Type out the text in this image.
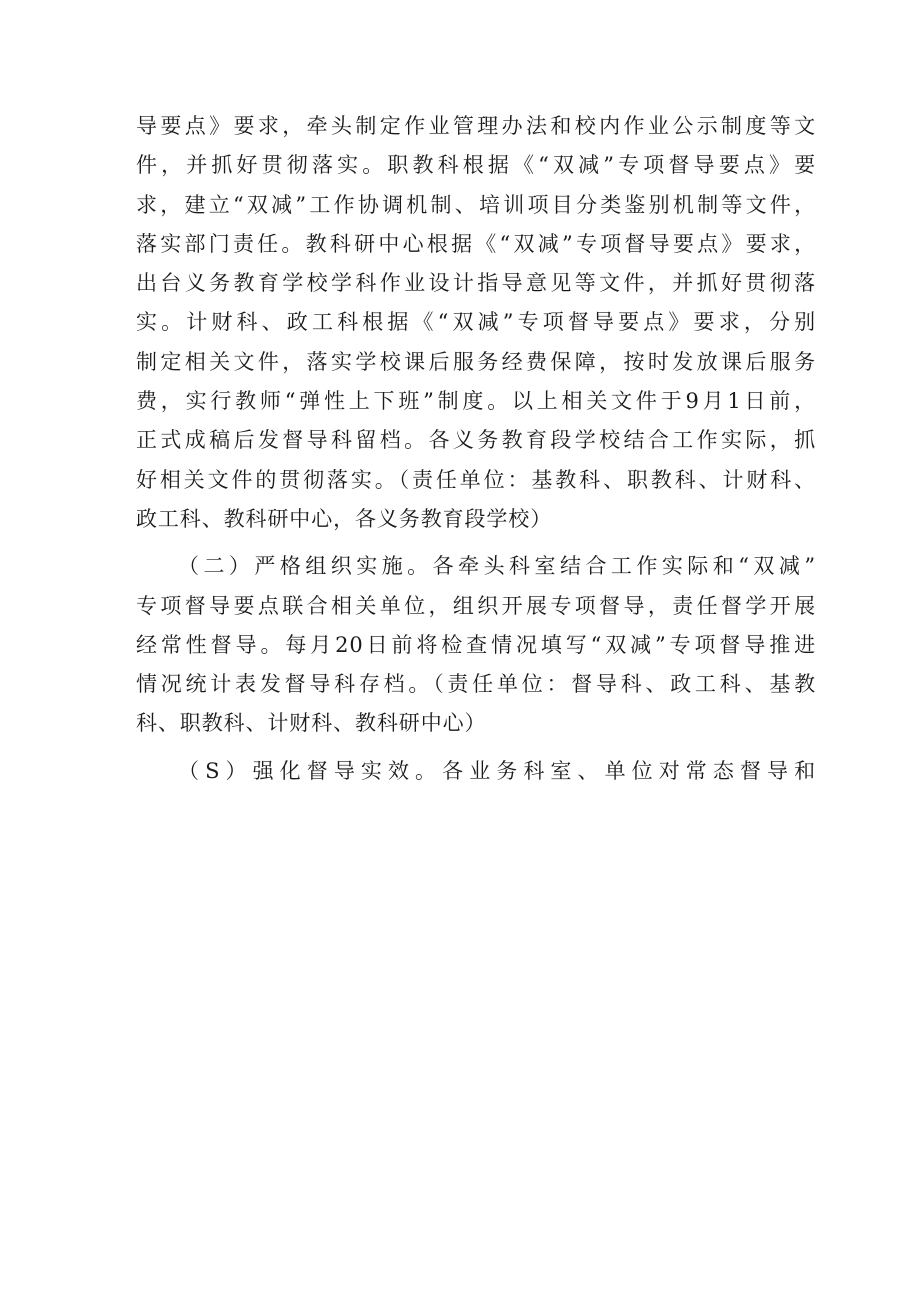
导要点》要求，牵头制定作业管理办法和校内作业公示制度等文
件，并抓好贯彻落实。职教科根据《“双减”专项督导要点》要
求，建立“双减”工作协调机制、培训项目分类鉴别机制等文件，
落实部门责任。教科研中心根据《“双减”专项督导要点》要求，
出台义务教育学校学科作业设计指导意见等文件，并抓好贯彻落
实。计财科、政工科根据《“双减”专项督导要点》要求，分别
制定相关文件，落实学校课后服务经费保障，按时发放课后服务
费，实行教师“弹性上下班”制度。以上相关文件于9月1日前，
正式成稿后发督导科留档。各义务教育段学校结合工作实际，抓
好相关文件的贯彻落实。（责任单位：基教科、职教科、计财科、
政工科、教科研中心，各义务教育段学校）
（二）严格组织实施。各牵头科室结合工作实际和“双减”
专项督导要点联合相关单位，组织开展专项督导，责任督学开展
经常性督导。每月20日前将检查情况填写“双减”专项督导推进
情况统计表发督导科存档。（责任单位：督导科、政工科、基教
科、职教科、计财科、教科研中心）
（S）强化督导实效。各业务科室、单位对常态督导和
